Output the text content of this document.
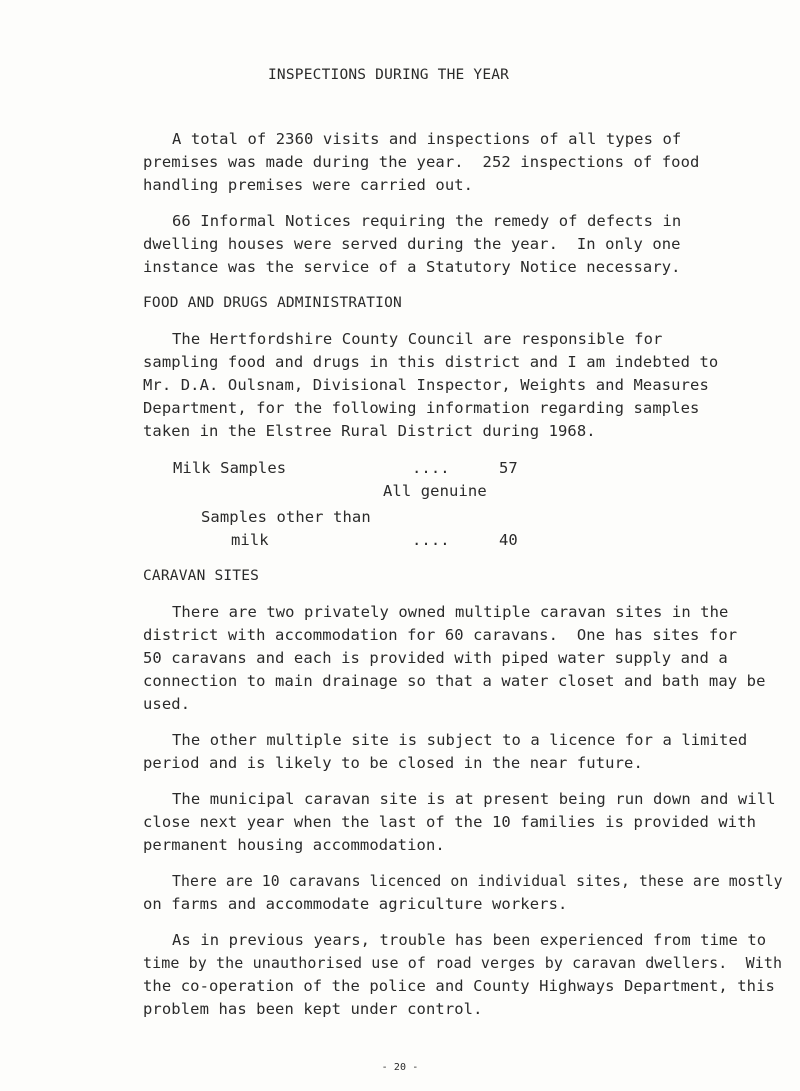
INSPECTIONS DURING THE YEAR
A total of 2360 visits and inspections of all types of
premises was made during the year.  252 inspections of food
handling premises were carried out.
66 Informal Notices requiring the remedy of defects in
dwelling houses were served during the year.  In only one
instance was the service of a Statutory Notice necessary.
FOOD AND DRUGS ADMINISTRATION
The Hertfordshire County Council are responsible for
sampling food and drugs in this district and I am indebted to
Mr. D.A. Oulsnam, Divisional Inspector, Weights and Measures
Department, for the following information regarding samples
taken in the Elstree Rural District during 1968.
Milk Samples	....	57
All genuine
Samples other than
milk	....	40
CARAVAN SITES
There are two privately owned multiple caravan sites in the
district with accommodation for 60 caravans.  One has sites for
50 caravans and each is provided with piped water supply and a
connection to main drainage so that a water closet and bath may be
used.
The other multiple site is subject to a licence for a limited
period and is likely to be closed in the near future.
The municipal caravan site is at present being run down and will
close next year when the last of the 10 families is provided with
permanent housing accommodation.
There are 10 caravans licenced on individual sites, these are mostly
on farms and accommodate agriculture workers.
As in previous years, trouble has been experienced from time to
time by the unauthorised use of road verges by caravan dwellers.  With
the co-operation of the police and County Highways Department, this
problem has been kept under control.
- 20 -
